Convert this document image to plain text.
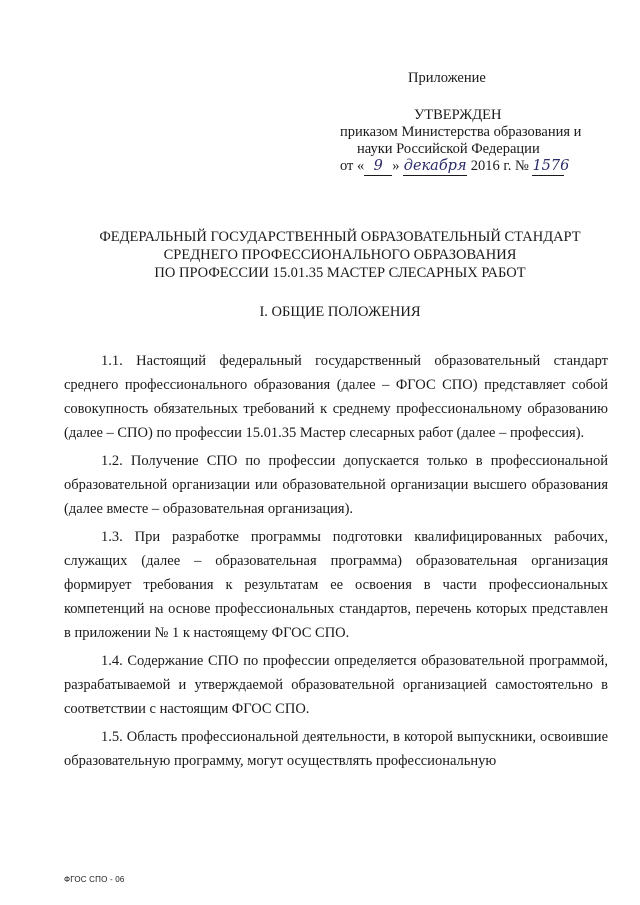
Приложение
УТВЕРЖДЕН
приказом Министерства образования и
науки Российской Федерации
от « 9 » декабря 2016 г. № 1576
ФЕДЕРАЛЬНЫЙ ГОСУДАРСТВЕННЫЙ ОБРАЗОВАТЕЛЬНЫЙ СТАНДАРТ
СРЕДНЕГО ПРОФЕССИОНАЛЬНОГО ОБРАЗОВАНИЯ
ПО ПРОФЕССИИ 15.01.35 МАСТЕР СЛЕСАРНЫХ РАБОТ
I. ОБЩИЕ ПОЛОЖЕНИЯ

1.1. Настоящий федеральный государственный образовательный стандарт среднего профессионального образования (далее – ФГОС СПО) представляет собой совокупность обязательных требований к среднему профессиональному образованию (далее – СПО) по профессии 15.01.35 Мастер слесарных работ (далее – профессия).

1.2. Получение СПО по профессии допускается только в профессиональной образовательной организации или образовательной организации высшего образования (далее вместе – образовательная организация).

1.3. При разработке программы подготовки квалифицированных рабочих, служащих (далее – образовательная программа) образовательная организация формирует требования к результатам ее освоения в части профессиональных компетенций на основе профессиональных стандартов, перечень которых представлен в приложении № 1 к настоящему ФГОС СПО.

1.4. Содержание СПО по профессии определяется образовательной программой, разрабатываемой и утверждаемой образовательной организацией самостоятельно в соответствии с настоящим ФГОС СПО.

1.5. Область профессиональной деятельности, в которой выпускники, освоившие образовательную программу, могут осуществлять профессиональную

ФГОС СПО - 06
